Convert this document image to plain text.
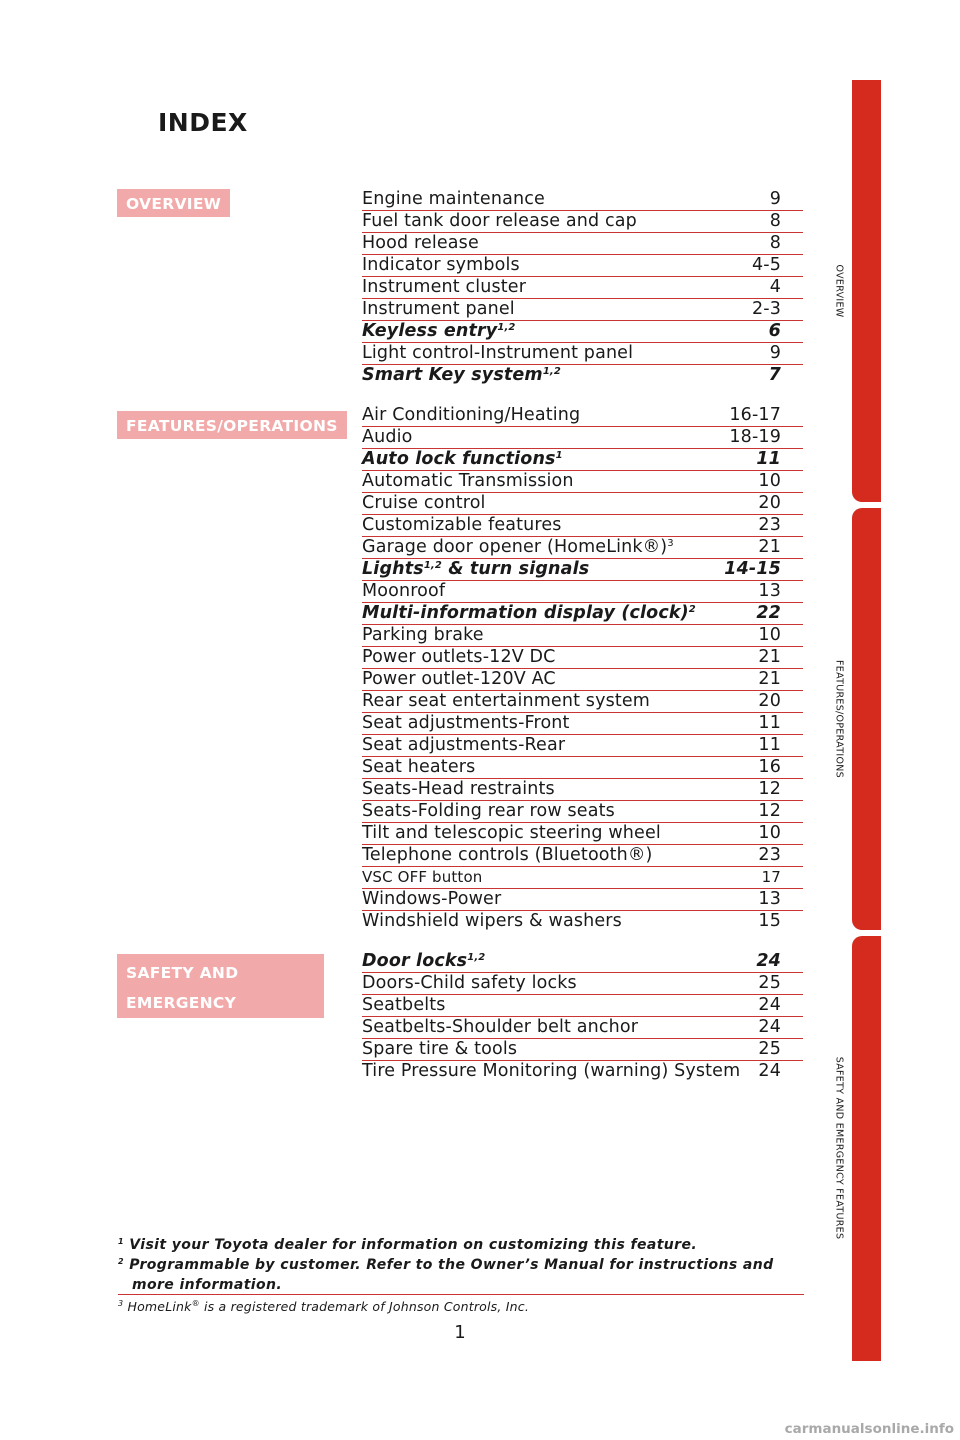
INDEX
OVERVIEW	Engine maintenance	9
Fuel tank door release and cap	8
Hood release	8
Indicator symbols	4-5
Instrument cluster	4
Instrument panel	2-3
Keyless entry$^{1,2}$	6
Light control-Instrument panel	9
Smart Key system$^{1,2}$	7
FEATURES/OPERATIONS
Air Conditioning/Heating	16-17
Audio	18-19
Auto lock functions$^1$	11
Automatic Transmission	10
Cruise control	20
Customizable features	23
Garage door opener (HomeLink®)$^3$	21
Lights$^{1,2}$ & turn signals	14-15
Moonroof	13
Multi-information display (clock)$^2$	22
Parking brake	10
Power outlets-12V DC	21
Power outlet-120V AC	21
Rear seat entertainment system	20
Seat adjustments-Front	11
Seat adjustments-Rear	11
Seat heaters	16
Seats-Head restraints	12
Seats-Folding rear row seats	12
Tilt and telescopic steering wheel	10
Telephone controls (Bluetooth®)	23
VSC OFF button	17
Windows-Power	13
Windshield wipers & washers	15
SAFETY AND
EMERGENCY FEATURES
Door locks$^{1,2}$	24
Doors-Child safety locks	25
Seatbelts	24
Seatbelts-Shoulder belt anchor	24
Spare tire & tools	25
Tire Pressure Monitoring (warning) System 24
OVERVIEW
FEATURES/OPERATIONS
SAFETY AND EMERGENCY FEATURES
$^1$ Visit your Toyota dealer for information on customizing this feature.
$^2$ Programmable by customer. Refer to the Owner’s Manual for instructions and
more information.
$^3$ HomeLink® is a registered trademark of Johnson Controls, Inc.
1
carmanualsonline.info
